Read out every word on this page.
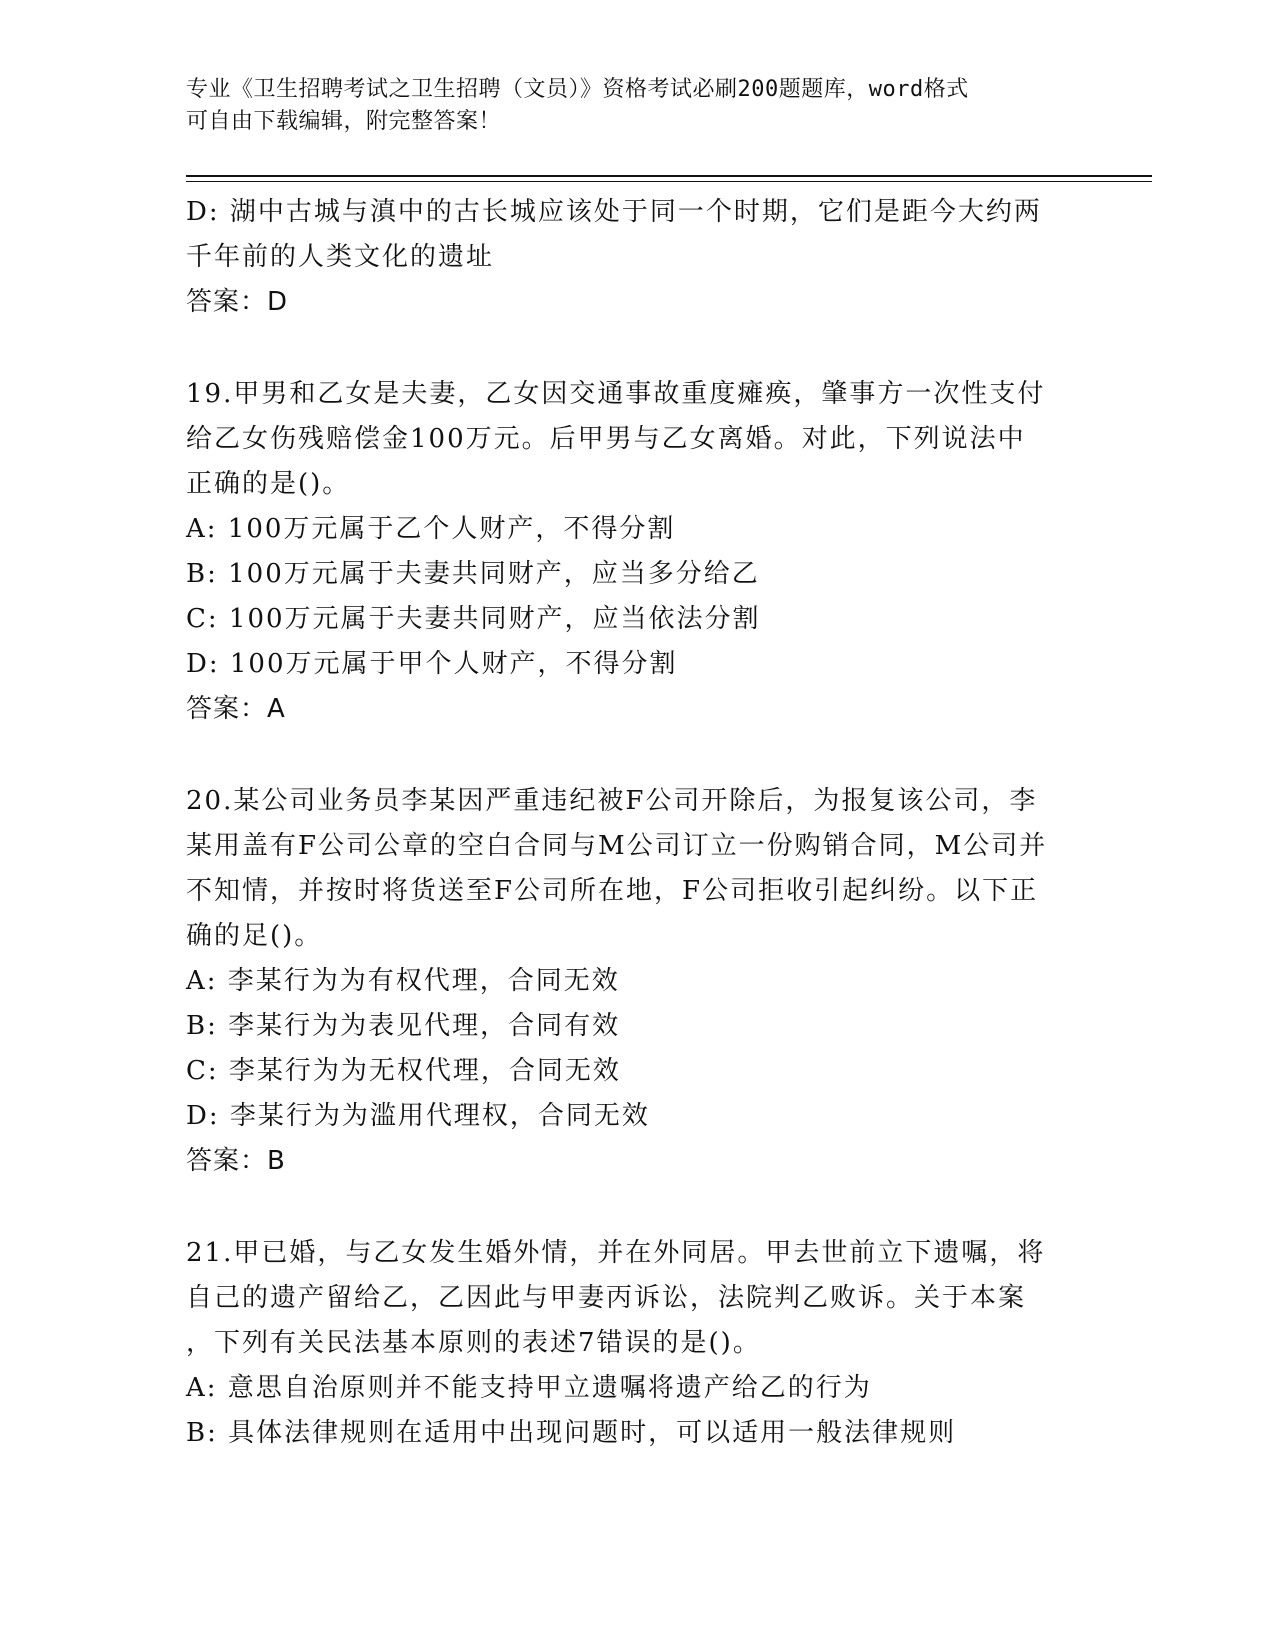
专业《卫生招聘考试之卫生招聘（文员）》资格考试必刷200题题库，word格式
可自由下载编辑，附完整答案！
D: 湖中古城与滇中的古长城应该处于同一个时期，它们是距今大约两
千年前的人类文化的遗址
答案：D
19.甲男和乙女是夫妻，乙女因交通事故重度瘫痪，肇事方一次性支付
给乙女伤残赔偿金100万元。后甲男与乙女离婚。对此，下列说法中
正确的是()。
A: 100万元属于乙个人财产，不得分割
B: 100万元属于夫妻共同财产，应当多分给乙
C: 100万元属于夫妻共同财产，应当依法分割
D: 100万元属于甲个人财产，不得分割
答案：A
20.某公司业务员李某因严重违纪被F公司开除后，为报复该公司，李
某用盖有F公司公章的空白合同与M公司订立一份购销合同，M公司并
不知情，并按时将货送至F公司所在地，F公司拒收引起纠纷。以下正
确的足()。
A: 李某行为为有权代理，合同无效
B: 李某行为为表见代理，合同有效
C: 李某行为为无权代理，合同无效
D: 李某行为为滥用代理权，合同无效
答案：B
21.甲已婚，与乙女发生婚外情，并在外同居。甲去世前立下遗嘱，将
自己的遗产留给乙，乙因此与甲妻丙诉讼，法院判乙败诉。关于本案
，下列有关民法基本原则的表述7错误的是()。
A: 意思自治原则并不能支持甲立遗嘱将遗产给乙的行为
B: 具体法律规则在适用中出现问题时，可以适用一般法律规则
